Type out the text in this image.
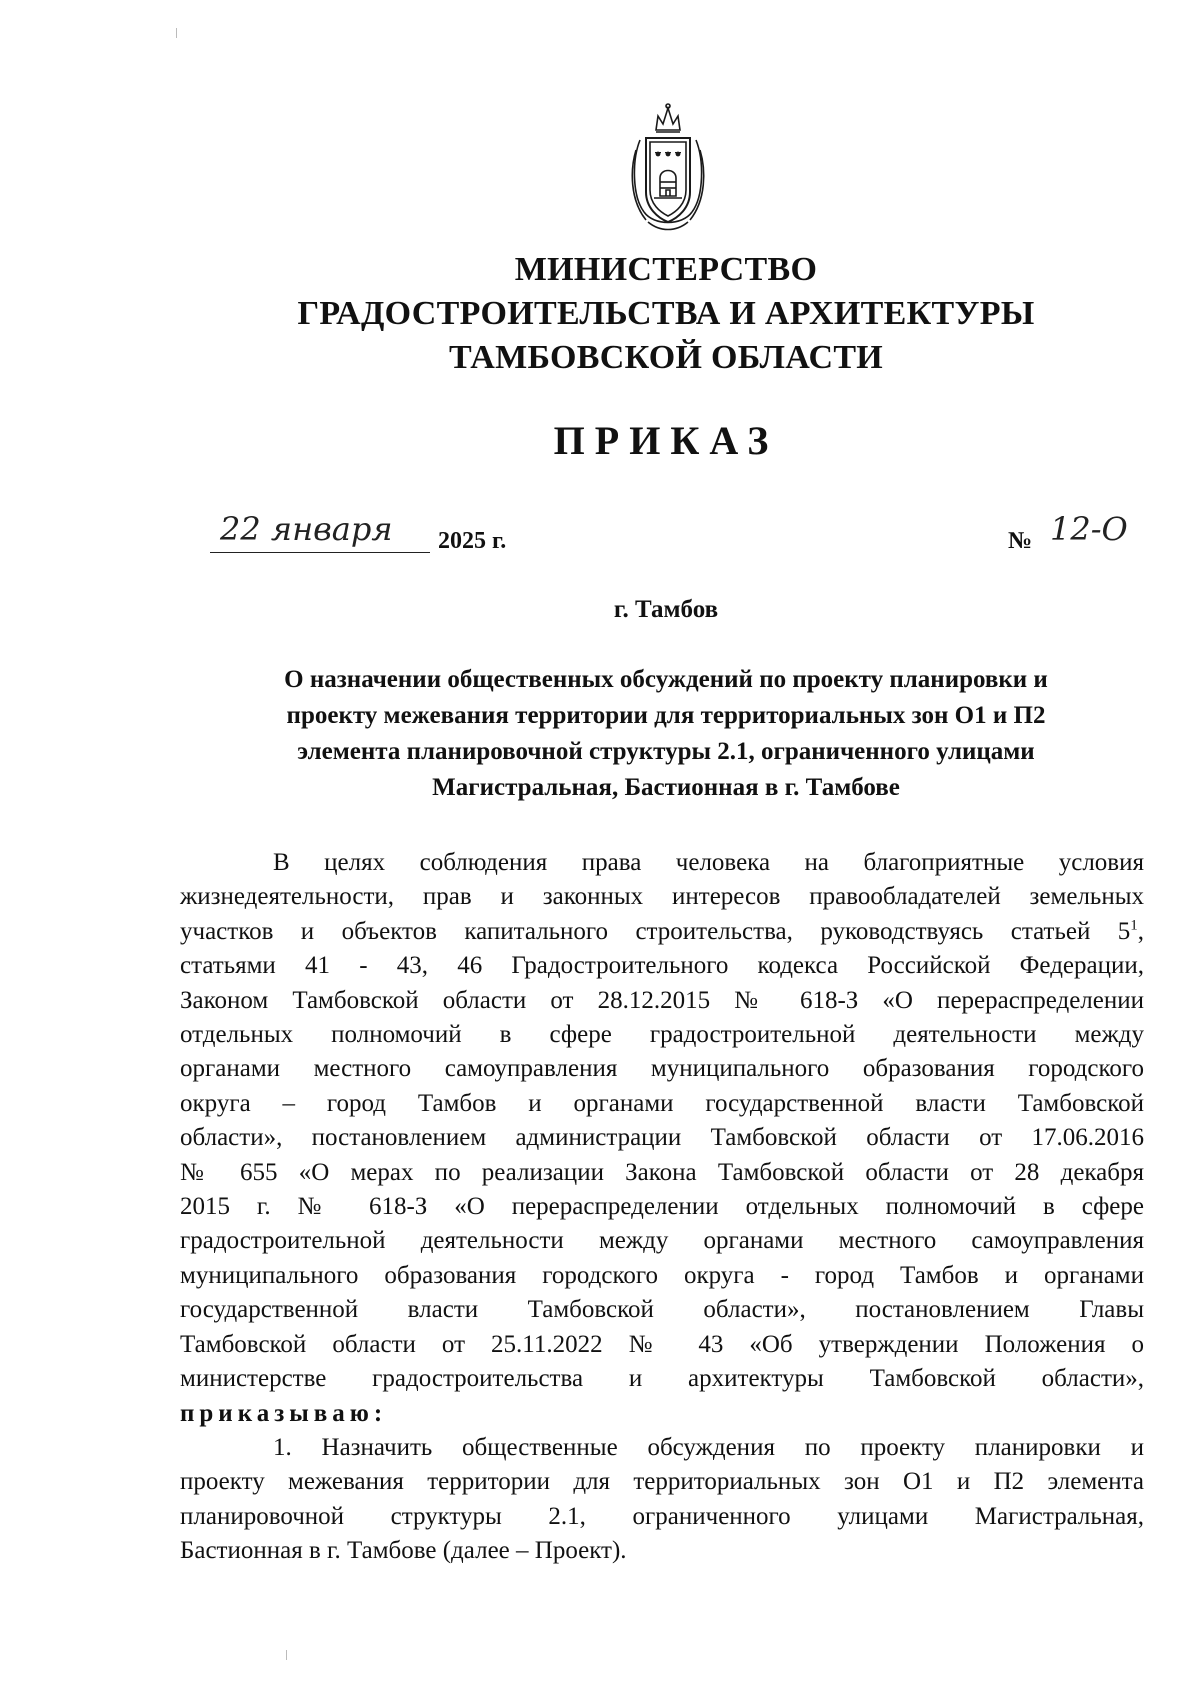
МИНИСТЕРСТВО
ГРАДОСТРОИТЕЛЬСТВА И АРХИТЕКТУРЫ
ТАМБОВСКОЙ ОБЛАСТИ
ПРИКАЗ
22 января 2025 г.	№ 12-О
г. Тамбов
О назначении общественных обсуждений по проекту планировки и
проекту межевания территории для территориальных зон О1 и П2
элемента планировочной структуры 2.1, ограниченного улицами
Магистральная, Бастионная в г. Тамбове
В целях соблюдения права человека на благоприятные условия
жизнедеятельности, прав и законных интересов правообладателей земельных
участков и объектов капитального строительства, руководствуясь статьей $5^1$,
статьями 41 - 43, 46 Градостроительного кодекса Российской Федерации,
Законом Тамбовской области от 28.12.2015 № 618-З «О перераспределении
отдельных полномочий в сфере градостроительной деятельности между
органами местного самоуправления муниципального образования городского
округа – город Тамбов и органами государственной власти Тамбовской
области», постановлением администрации Тамбовской области от 17.06.2016
№ 655 «О мерах по реализации Закона Тамбовской области от 28 декабря
2015 г. № 618-З «О перераспределении отдельных полномочий в сфере
градостроительной деятельности между органами местного самоуправления
муниципального образования городского округа - город Тамбов и органами
государственной власти Тамбовской области», постановлением Главы
Тамбовской области от 25.11.2022 № 43 «Об утверждении Положения о
министерстве градостроительства и архитектуры Тамбовской области»,
приказываю:
1. Назначить общественные обсуждения по проекту планировки и
проекту межевания территории для территориальных зон О1 и П2 элемента
планировочной структуры 2.1, ограниченного улицами Магистральная,
Бастионная в г. Тамбове (далее – Проект).
